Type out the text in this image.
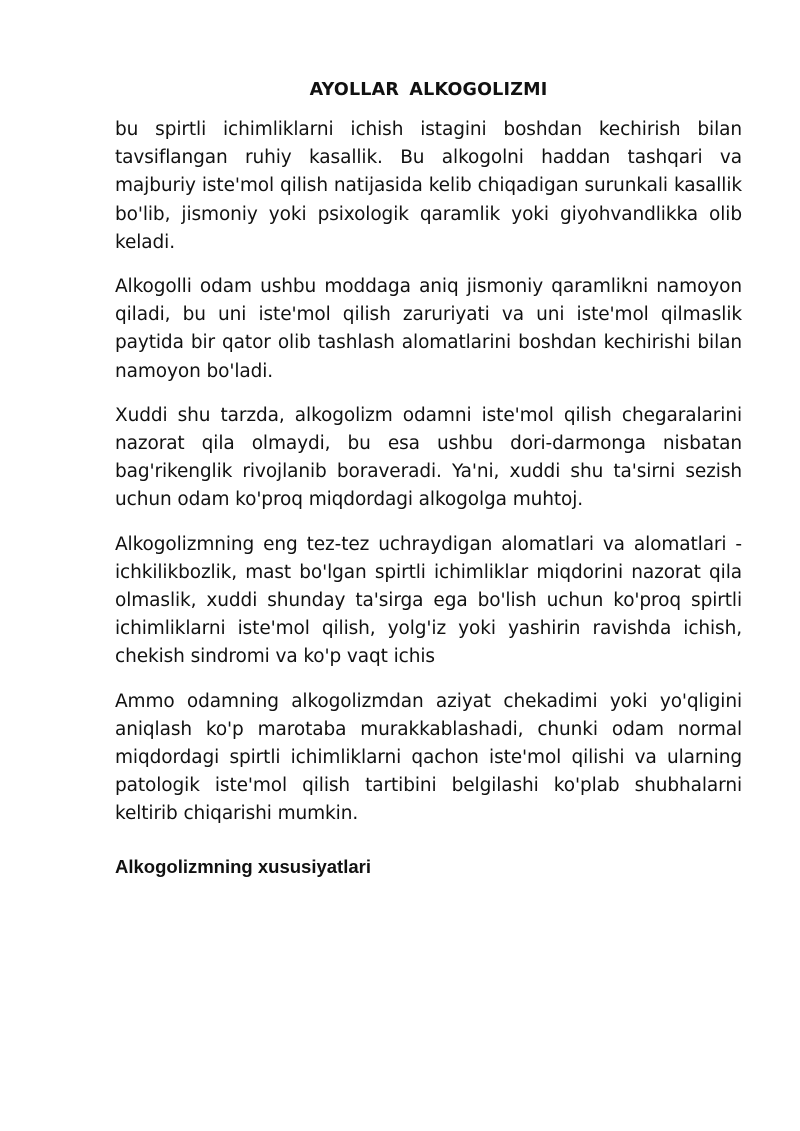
AYOLLAR ALKOGOLIZMI

bu spirtli ichimliklarni ichish istagini boshdan kechirish bilan tavsiflangan ruhiy kasallik. Bu alkogolni haddan tashqari va majburiy iste'mol qilish natijasida kelib chiqadigan surunkali kasallik bo'lib, jismoniy yoki psixologik qaramlik yoki giyohvandlikka olib keladi.

Alkogolli odam ushbu moddaga aniq jismoniy qaramlikni namoyon qiladi, bu uni iste'mol qilish zaruriyati va uni iste'mol qilmaslik paytida bir qator olib tashlash alomatlarini boshdan kechirishi bilan namoyon bo'ladi.

Xuddi shu tarzda, alkogolizm odamni iste'mol qilish chegaralarini nazorat qila olmaydi, bu esa ushbu dori-darmonga nisbatan bag'rikenglik rivojlanib boraveradi. Ya'ni, xuddi shu ta'sirni sezish uchun odam ko'proq miqdordagi alkogolga muhtoj.

Alkogolizmning eng tez-tez uchraydigan alomatlari va alomatlari - ichkilikbozlik, mast bo'lgan spirtli ichimliklar miqdorini nazorat qila olmaslik, xuddi shunday ta'sirga ega bo'lish uchun ko'proq spirtli ichimliklarni iste'mol qilish, yolg'iz yoki yashirin ravishda ichish, chekish sindromi va ko'p vaqt ichis

Ammo odamning alkogolizmdan aziyat chekadimi yoki yo'qligini aniqlash ko'p marotaba murakkablashadi, chunki odam normal miqdordagi spirtli ichimliklarni qachon iste'mol qilishi va ularning patologik iste'mol qilish tartibini belgilashi ko'plab shubhalarni keltirib chiqarishi mumkin.

Alkogolizmning xususiyatlari
